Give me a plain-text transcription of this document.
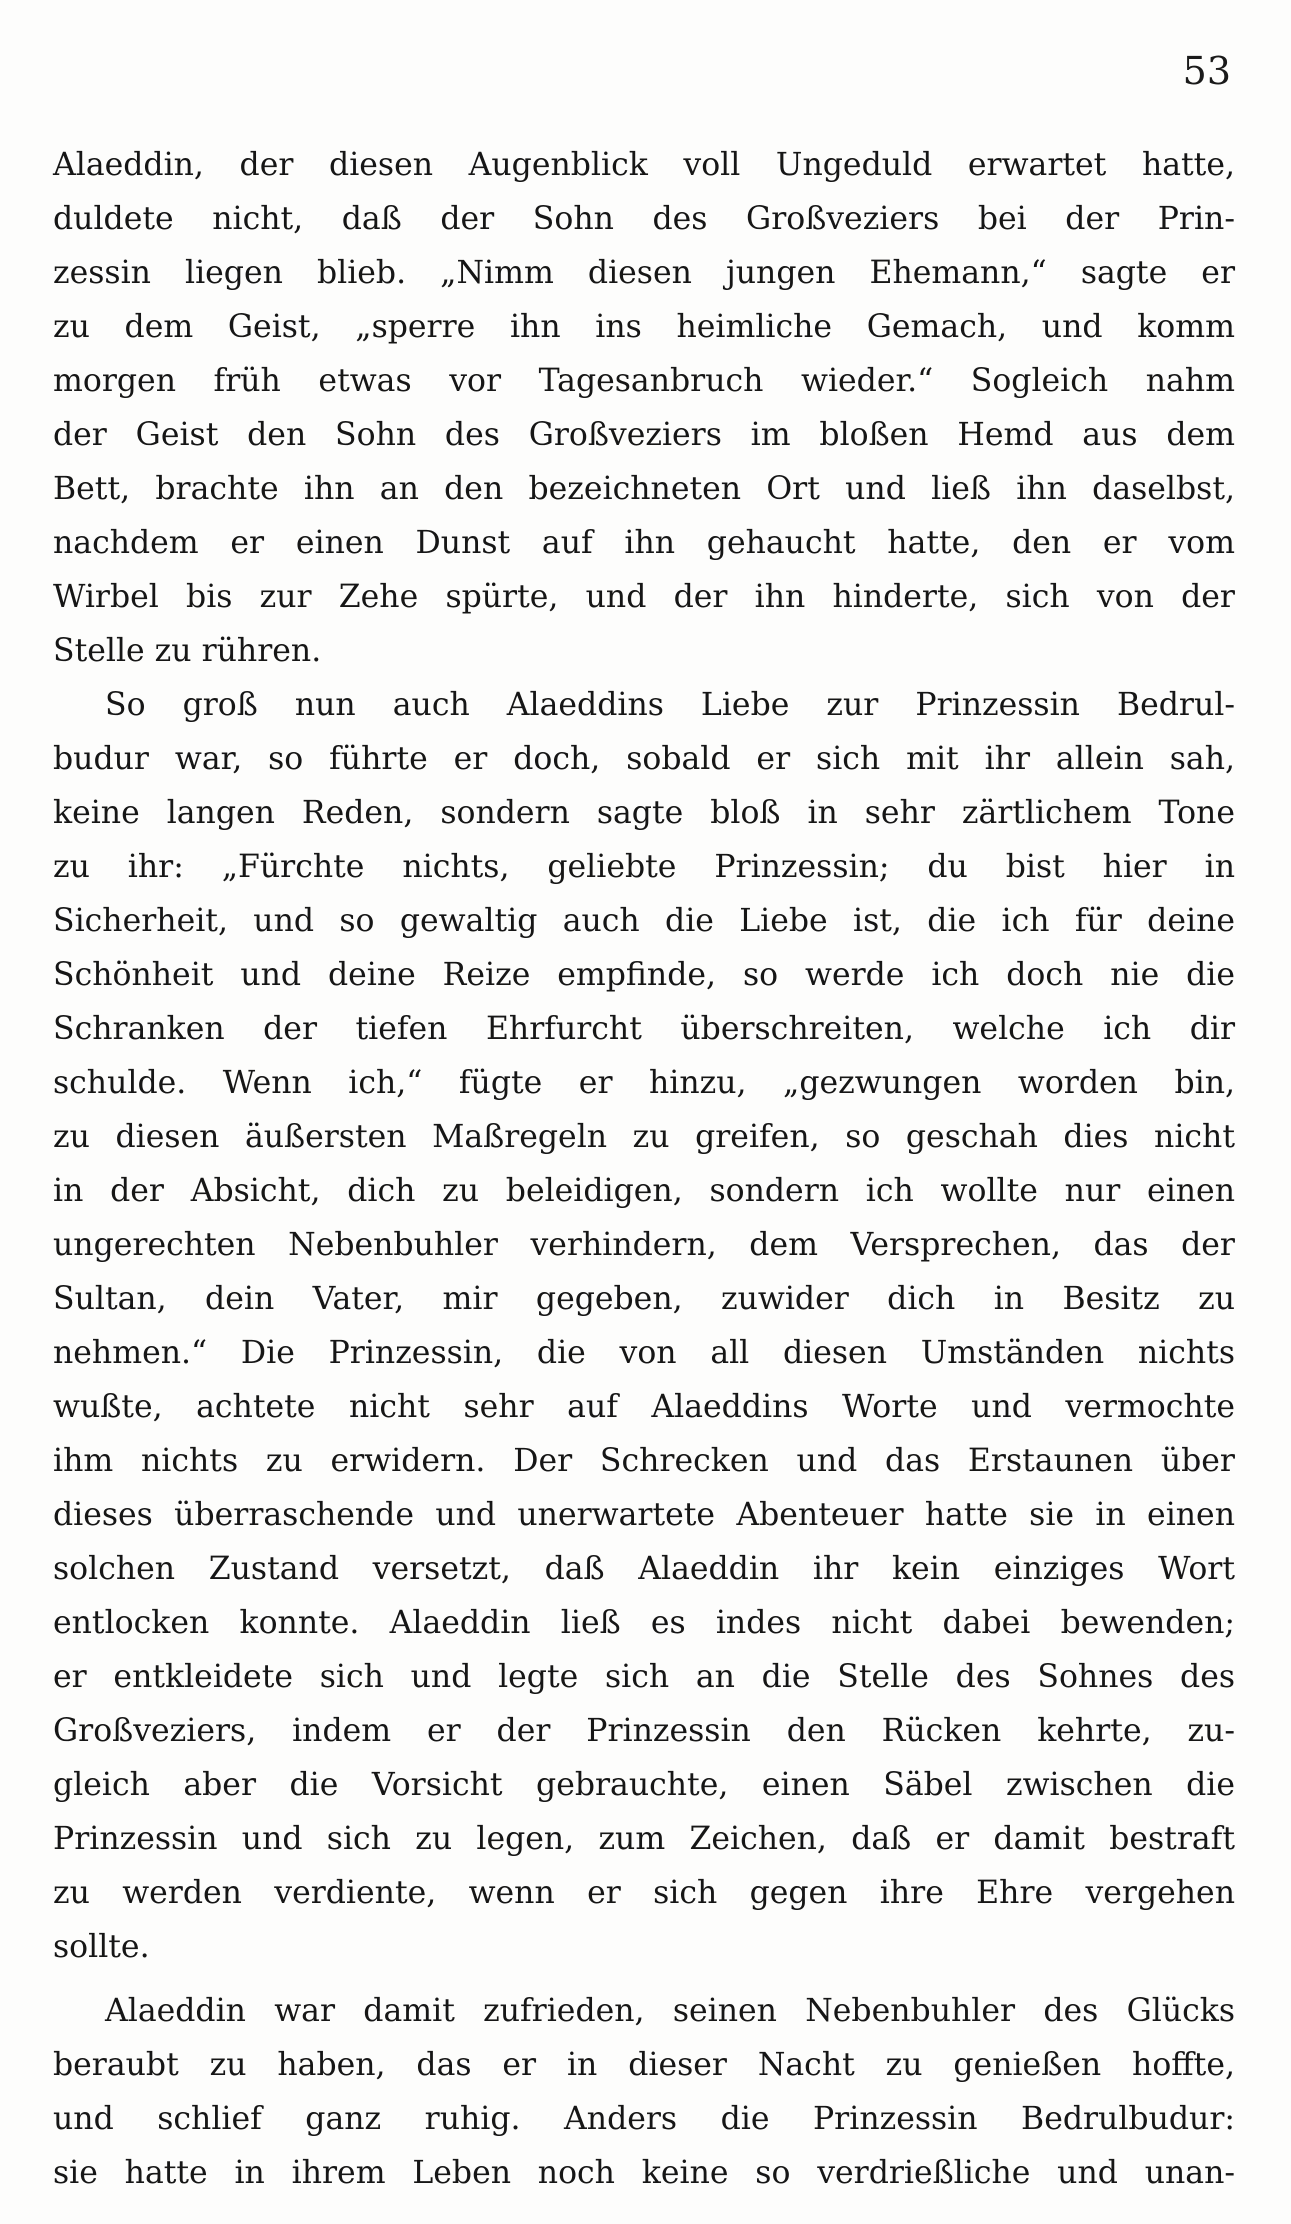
53
Alaeddin, der diesen Augenblick voll Ungeduld erwartet hatte,
duldete nicht, daß der Sohn des Großveziers bei der Prin-
zessin liegen blieb. „Nimm diesen jungen Ehemann,“ sagte er
zu dem Geist, „sperre ihn ins heimliche Gemach, und komm
morgen früh etwas vor Tagesanbruch wieder.“ Sogleich nahm
der Geist den Sohn des Großveziers im bloßen Hemd aus dem
Bett, brachte ihn an den bezeichneten Ort und ließ ihn daselbst,
nachdem er einen Dunst auf ihn gehaucht hatte, den er vom
Wirbel bis zur Zehe spürte, und der ihn hinderte, sich von der
Stelle zu rühren.
So groß nun auch Alaeddins Liebe zur Prinzessin Bedrul-
budur war, so führte er doch, sobald er sich mit ihr allein sah,
keine langen Reden, sondern sagte bloß in sehr zärtlichem Tone
zu ihr: „Fürchte nichts, geliebte Prinzessin; du bist hier in
Sicherheit, und so gewaltig auch die Liebe ist, die ich für deine
Schönheit und deine Reize empfinde, so werde ich doch nie die
Schranken der tiefen Ehrfurcht überschreiten, welche ich dir
schulde. Wenn ich,“ fügte er hinzu, „gezwungen worden bin,
zu diesen äußersten Maßregeln zu greifen, so geschah dies nicht
in der Absicht, dich zu beleidigen, sondern ich wollte nur einen
ungerechten Nebenbuhler verhindern, dem Versprechen, das der
Sultan, dein Vater, mir gegeben, zuwider dich in Besitz zu
nehmen.“ Die Prinzessin, die von all diesen Umständen nichts
wußte, achtete nicht sehr auf Alaeddins Worte und vermochte
ihm nichts zu erwidern. Der Schrecken und das Erstaunen über
dieses überraschende und unerwartete Abenteuer hatte sie in einen
solchen Zustand versetzt, daß Alaeddin ihr kein einziges Wort
entlocken konnte. Alaeddin ließ es indes nicht dabei bewenden;
er entkleidete sich und legte sich an die Stelle des Sohnes des
Großveziers, indem er der Prinzessin den Rücken kehrte, zu-
gleich aber die Vorsicht gebrauchte, einen Säbel zwischen die
Prinzessin und sich zu legen, zum Zeichen, daß er damit bestraft
zu werden verdiente, wenn er sich gegen ihre Ehre vergehen
sollte.
Alaeddin war damit zufrieden, seinen Nebenbuhler des Glücks
beraubt zu haben, das er in dieser Nacht zu genießen hoffte,
und schlief ganz ruhig. Anders die Prinzessin Bedrulbudur:
sie hatte in ihrem Leben noch keine so verdrießliche und unan-
